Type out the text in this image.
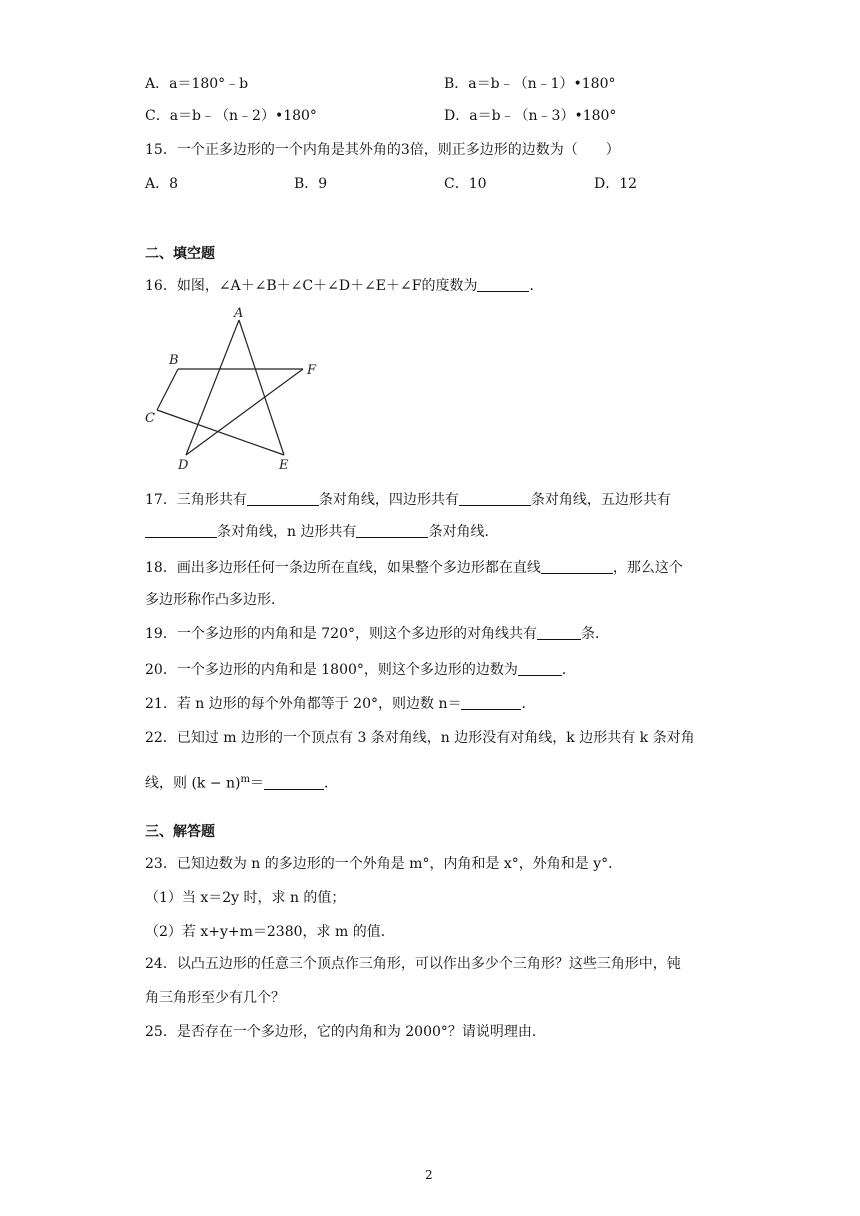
A．a＝180°﹣b	B．a＝b﹣（n﹣1）•180°
C．a＝b﹣（n﹣2）•180°	D．a＝b﹣（n﹣3）•180°
15．一个正多边形的一个内角是其外角的3倍，则正多边形的边数为（　　）
A．8	B．9	C．10	D．12
二、填空题
16．如图，∠A＋∠B＋∠C＋∠D＋∠E＋∠F的度数为	．
A
B
C
D	E
F
17．三角形共有	条对角线，四边形共有	条对角线，五边形共有
条对角线，n 边形共有	条对角线．
18．画出多边形任何一条边所在直线，如果整个多边形都在直线	，那么这个
多边形称作凸多边形．
19．一个多边形的内角和是 720°，则这个多边形的对角线共有	条．
20．一个多边形的内角和是 1800°，则这个多边形的边数为	．
21．若 n 边形的每个外角都等于 20°，则边数 n＝	．
22．已知过 m 边形的一个顶点有 3 条对角线，n 边形没有对角线，k 边形共有 k 条对角
线，则 $(k - n)^m=$	．
三、解答题
23．已知边数为 n 的多边形的一个外角是 m°，内角和是 x°，外角和是 y°．
（1）当 x＝2y 时，求 n 的值；
（2）若 x+y+m＝2380，求 m 的值．
24．以凸五边形的任意三个顶点作三角形，可以作出多少个三角形？这些三角形中，钝
角三角形至少有几个？
25．是否存在一个多边形，它的内角和为 2000°？请说明理由．
2
